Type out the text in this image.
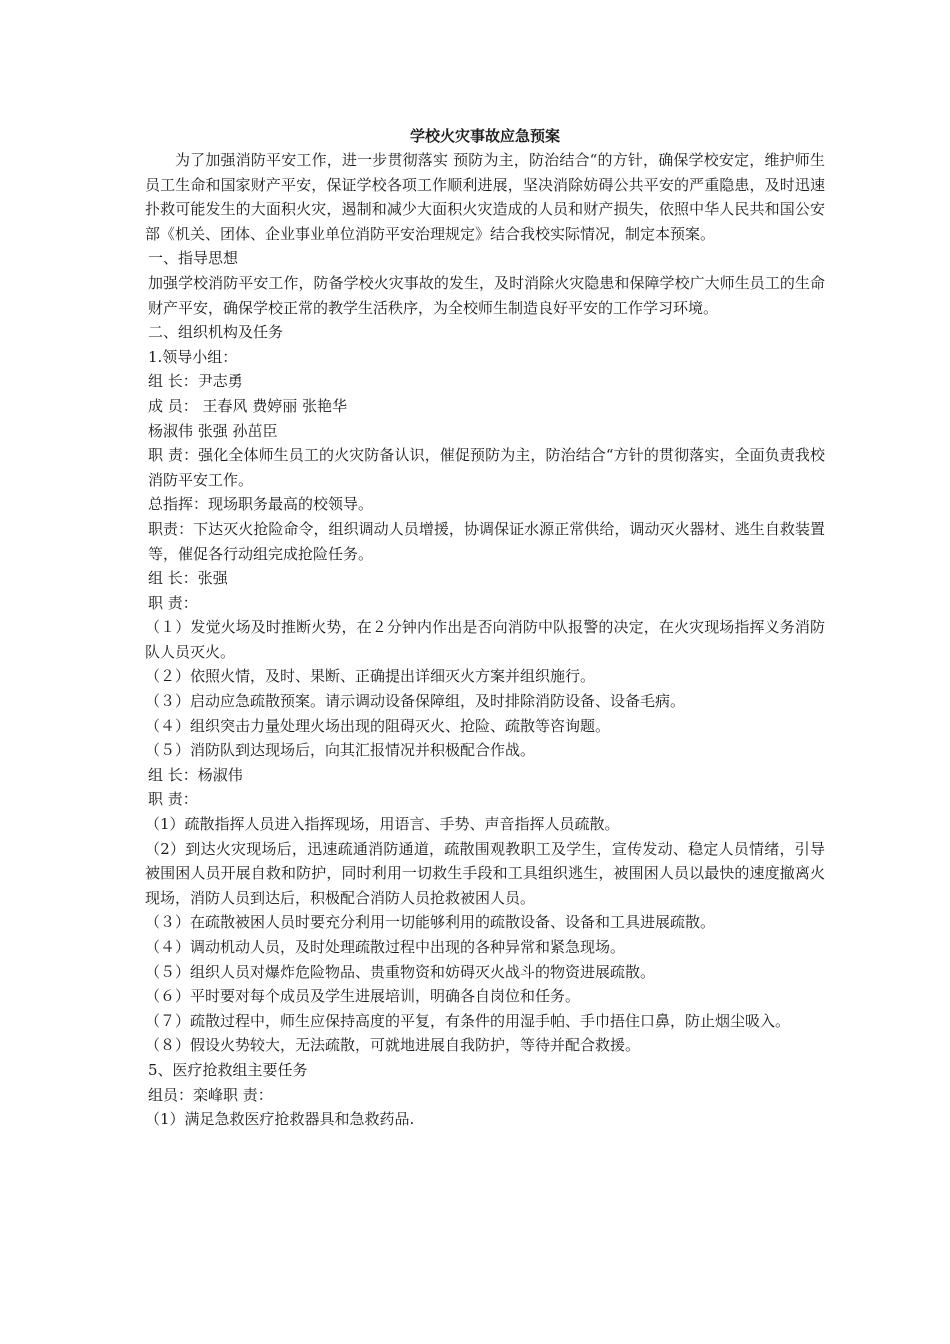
学校火灾事故应急预案

为了加强消防平安工作，进一步贯彻落实 预防为主，防治结合“的方针，确保学校安定，维护师生员工生命和国家财产平安，保证学校各项工作顺利进展，坚决消除妨碍公共平安的严重隐患，及时迅速扑救可能发生的大面积火灾，遏制和减少大面积火灾造成的人员和财产损失，依照中华人民共和国公安部《机关、团体、企业事业单位消防平安治理规定》结合我校实际情况，制定本预案。

一、指导思想

加强学校消防平安工作，防备学校火灾事故的发生，及时消除火灾隐患和保障学校广大师生员工的生命财产平安，确保学校正常的教学生活秩序，为全校师生制造良好平安的工作学习环境。

二、组织机构及任务

1.领导小组：

组 长：尹志勇

成 员： 王春风 费婷丽 张艳华

杨淑伟 张强 孙茁臣

职 责：强化全体师生员工的火灾防备认识，催促预防为主，防治结合“方针的贯彻落实，全面负责我校消防平安工作。

总指挥：现场职务最高的校领导。

职责：下达灭火抢险命令，组织调动人员增援，协调保证水源正常供给，调动灭火器材、逃生自救装置等，催促各行动组完成抢险任务。

组 长：张强

职 责：

（１）发觉火场及时推断火势，在２分钟内作出是否向消防中队报警的决定，在火灾现场指挥义务消防队人员灭火。

（２）依照火情，及时、果断、正确提出详细灭火方案并组织施行。

（３）启动应急疏散预案。请示调动设备保障组，及时排除消防设备、设备毛病。

（４）组织突击力量处理火场出现的阻碍灭火、抢险、疏散等咨询题。

（５）消防队到达现场后，向其汇报情况并积极配合作战。

组 长：杨淑伟

职 责：

（1）疏散指挥人员进入指挥现场，用语言、手势、声音指挥人员疏散。

（2）到达火灾现场后，迅速疏通消防通道，疏散围观教职工及学生，宣传发动、稳定人员情绪，引导被围困人员开展自救和防护，同时利用一切救生手段和工具组织逃生，被围困人员以最快的速度撤离火现场，消防人员到达后，积极配合消防人员抢救被困人员。

（３）在疏散被困人员时要充分利用一切能够利用的疏散设备、设备和工具进展疏散。

（４）调动机动人员，及时处理疏散过程中出现的各种异常和紧急现场。

（５）组织人员对爆炸危险物品、贵重物资和妨碍灭火战斗的物资进展疏散。

（６）平时要对每个成员及学生进展培训，明确各自岗位和任务。

（７）疏散过程中，师生应保持高度的平复，有条件的用湿手帕、手巾捂住口鼻，防止烟尘吸入。

（８）假设火势较大，无法疏散，可就地进展自我防护，等待并配合救援。

5、医疗抢救组主要任务

组员：栾峰职 责：

（1）满足急救医疗抢救器具和急救药品.
